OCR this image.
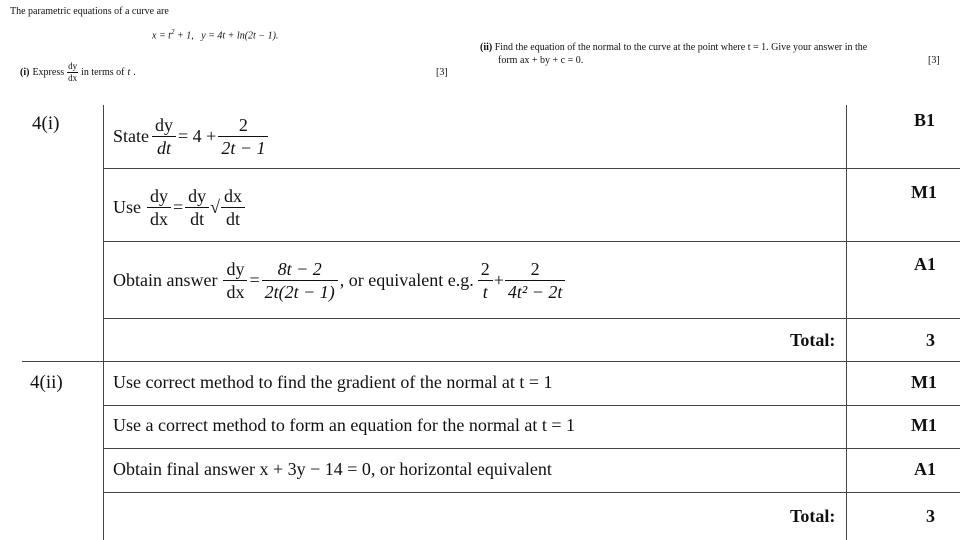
The parametric equations of a curve are
$x = t^2 + 1$, y = 4t + ln(2t − 1).
(i) Express $\frac{dy}{dx}$ in terms of t .	[3]
(ii) Find the equation of the normal to the curve at the point where t = 1. Give your answer in the
form ax + by + c = 0.	[3]
4(i)
State $\frac{dy}{dt} = 4 + \frac{2}{2t - 1}$	B1
Use $\frac{dy}{dx} = \frac{dy}{dt}$ √ $\frac{dx}{dt}$	M1
Obtain answer $\frac{dy}{dx} = \frac{8t - 2}{2t(2t - 1)}$ , or equivalent e.g. $\frac{2}{t} + \frac{2}{\text{4t² − 2t}}$	A1
Total:	3
4(ii)	Use correct method to find the gradient of the normal at t = 1	M1
Use a correct method to form an equation for the normal at t = 1	M1
Obtain final answer x + 3y − 14 = 0, or horizontal equivalent	A1
Total:	3
